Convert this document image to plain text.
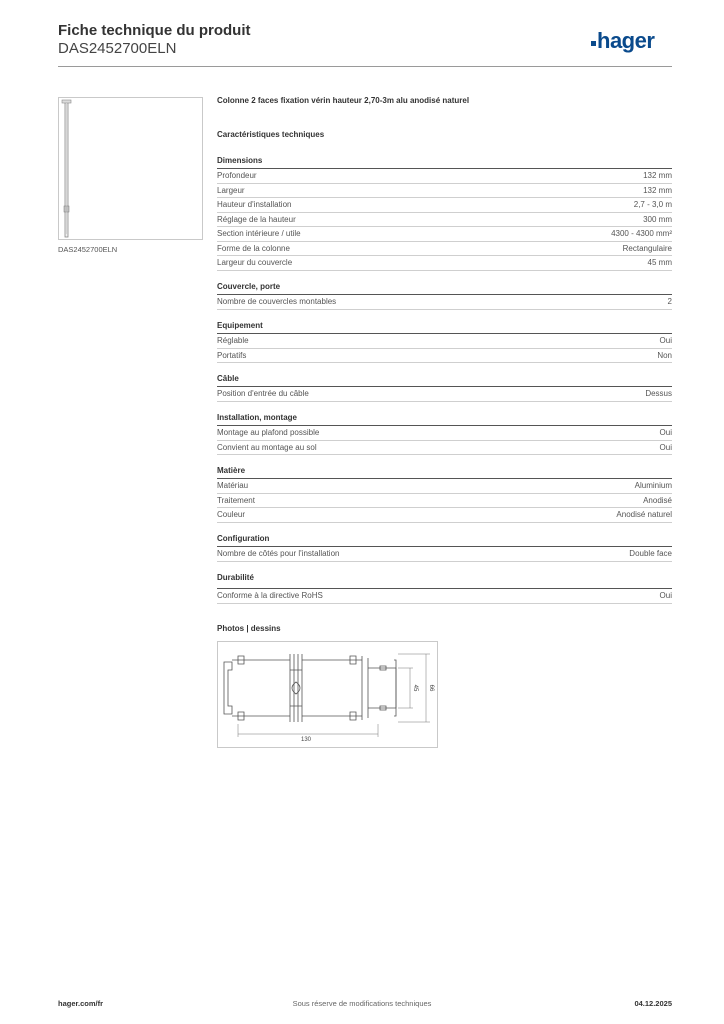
Fiche technique du produit
DAS2452700ELN	hager
DAS2452700ELN
Colonne 2 faces fixation vérin hauteur 2,70-3m alu anodisé naturel
Caractéristiques techniques
Dimensions
Profondeur	132 mm
Largeur	132 mm
Hauteur d'installation	2,7 - 3,0 m
Réglage de la hauteur	300 mm
Section intérieure / utile	4300 - 4300 mm²
Forme de la colonne	Rectangulaire
Largeur du couvercle	45 mm
Couvercle, porte
Nombre de couvercles montables	2
Equipement
Réglable	Oui
Portatifs	Non
Câble
Position d'entrée du câble	Dessus
Installation, montage
Montage au plafond possible	Oui
Convient au montage au sol	Oui
Matière
Matériau	Aluminium
Traitement	Anodisé
Couleur	Anodisé naturel
Configuration
Nombre de côtés pour l'installation	Double face
Durabilité
Conforme à la directive RoHS	Oui
Photos | dessins
130
45 66
Sous réserve de modifications techniques
hager.com/fr	04.12.2025
